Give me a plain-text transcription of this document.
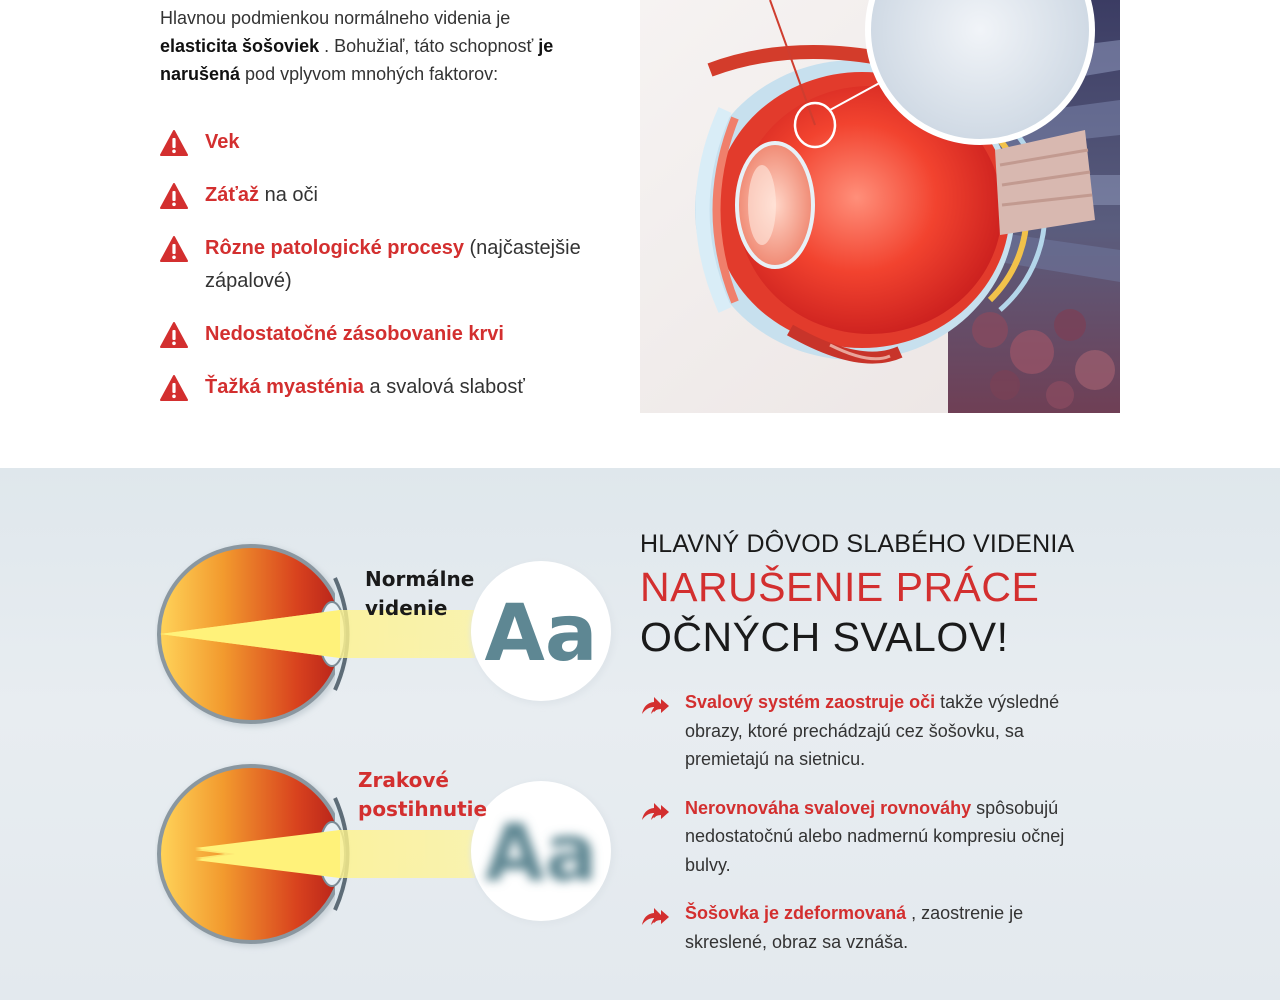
Hlavnou podmienkou normálneho videnia je
elasticita šošoviek . Bohužiaľ, táto schopnosť je narušená pod vplyvom mnohých faktorov:

Vek
Záťaž na oči
Rôzne patologické procesy (najčastejšie zápalové)
Nedostatočné zásobovanie krvi
Ťažká myasténia a svalová slabosť
Aa
Aa
Normálne
videnie
Zrakové
postihnutie
HLAVNÝ DÔVOD SLABÉHO VIDENIA
NARUŠENIE PRÁCE
OČNÝCH SVALOV!
Svalový systém zaostruje oči takže výsledné obrazy, ktoré prechádzajú cez šošovku, sa premietajú na sietnicu.
Nerovnováha svalovej rovnováhy spôsobujú nedostatočnú alebo nadmernú kompresiu očnej bulvy.
Šošovka je zdeformovaná , zaostrenie je skreslené, obraz sa vznáša.
